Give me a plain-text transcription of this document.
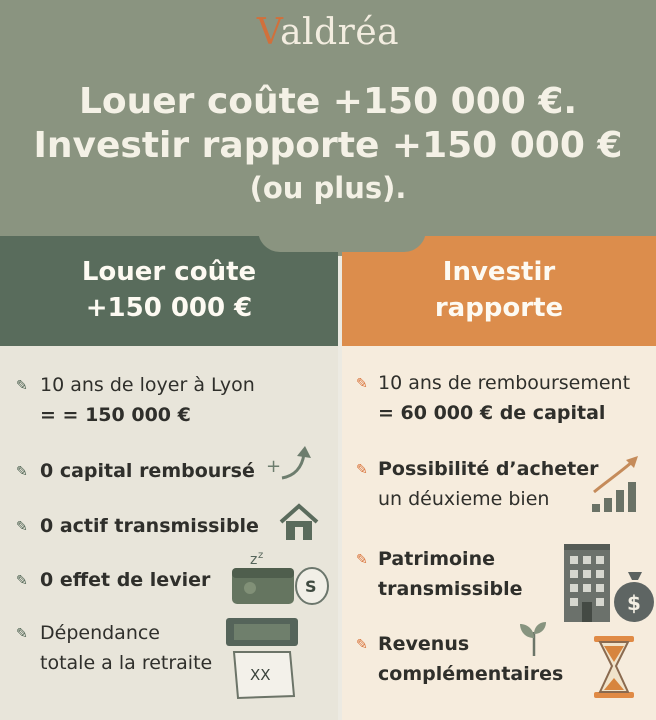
Valdréa
Louer coûte +150 000 €.
Investir rapporte +150 000 €
(ou plus).
Louer coûte
+150 000 €
Investir
rapporte
✎ 10 ans de loyer à Lyon
= = 150 000 €
✎ 0 capital remboursé +
✎ 0 actif transmissible
✎ 0 effet de levier
z z
S
✎ Dépendance
totale a la retraite
XX
✎ 10 ans de remboursement
= 60 000 € de capital
✎ Possibilité d’acheter
un déuxieme bien
✎ Patrimoine
transmissible
$
✎ Revenus
complémentaires
